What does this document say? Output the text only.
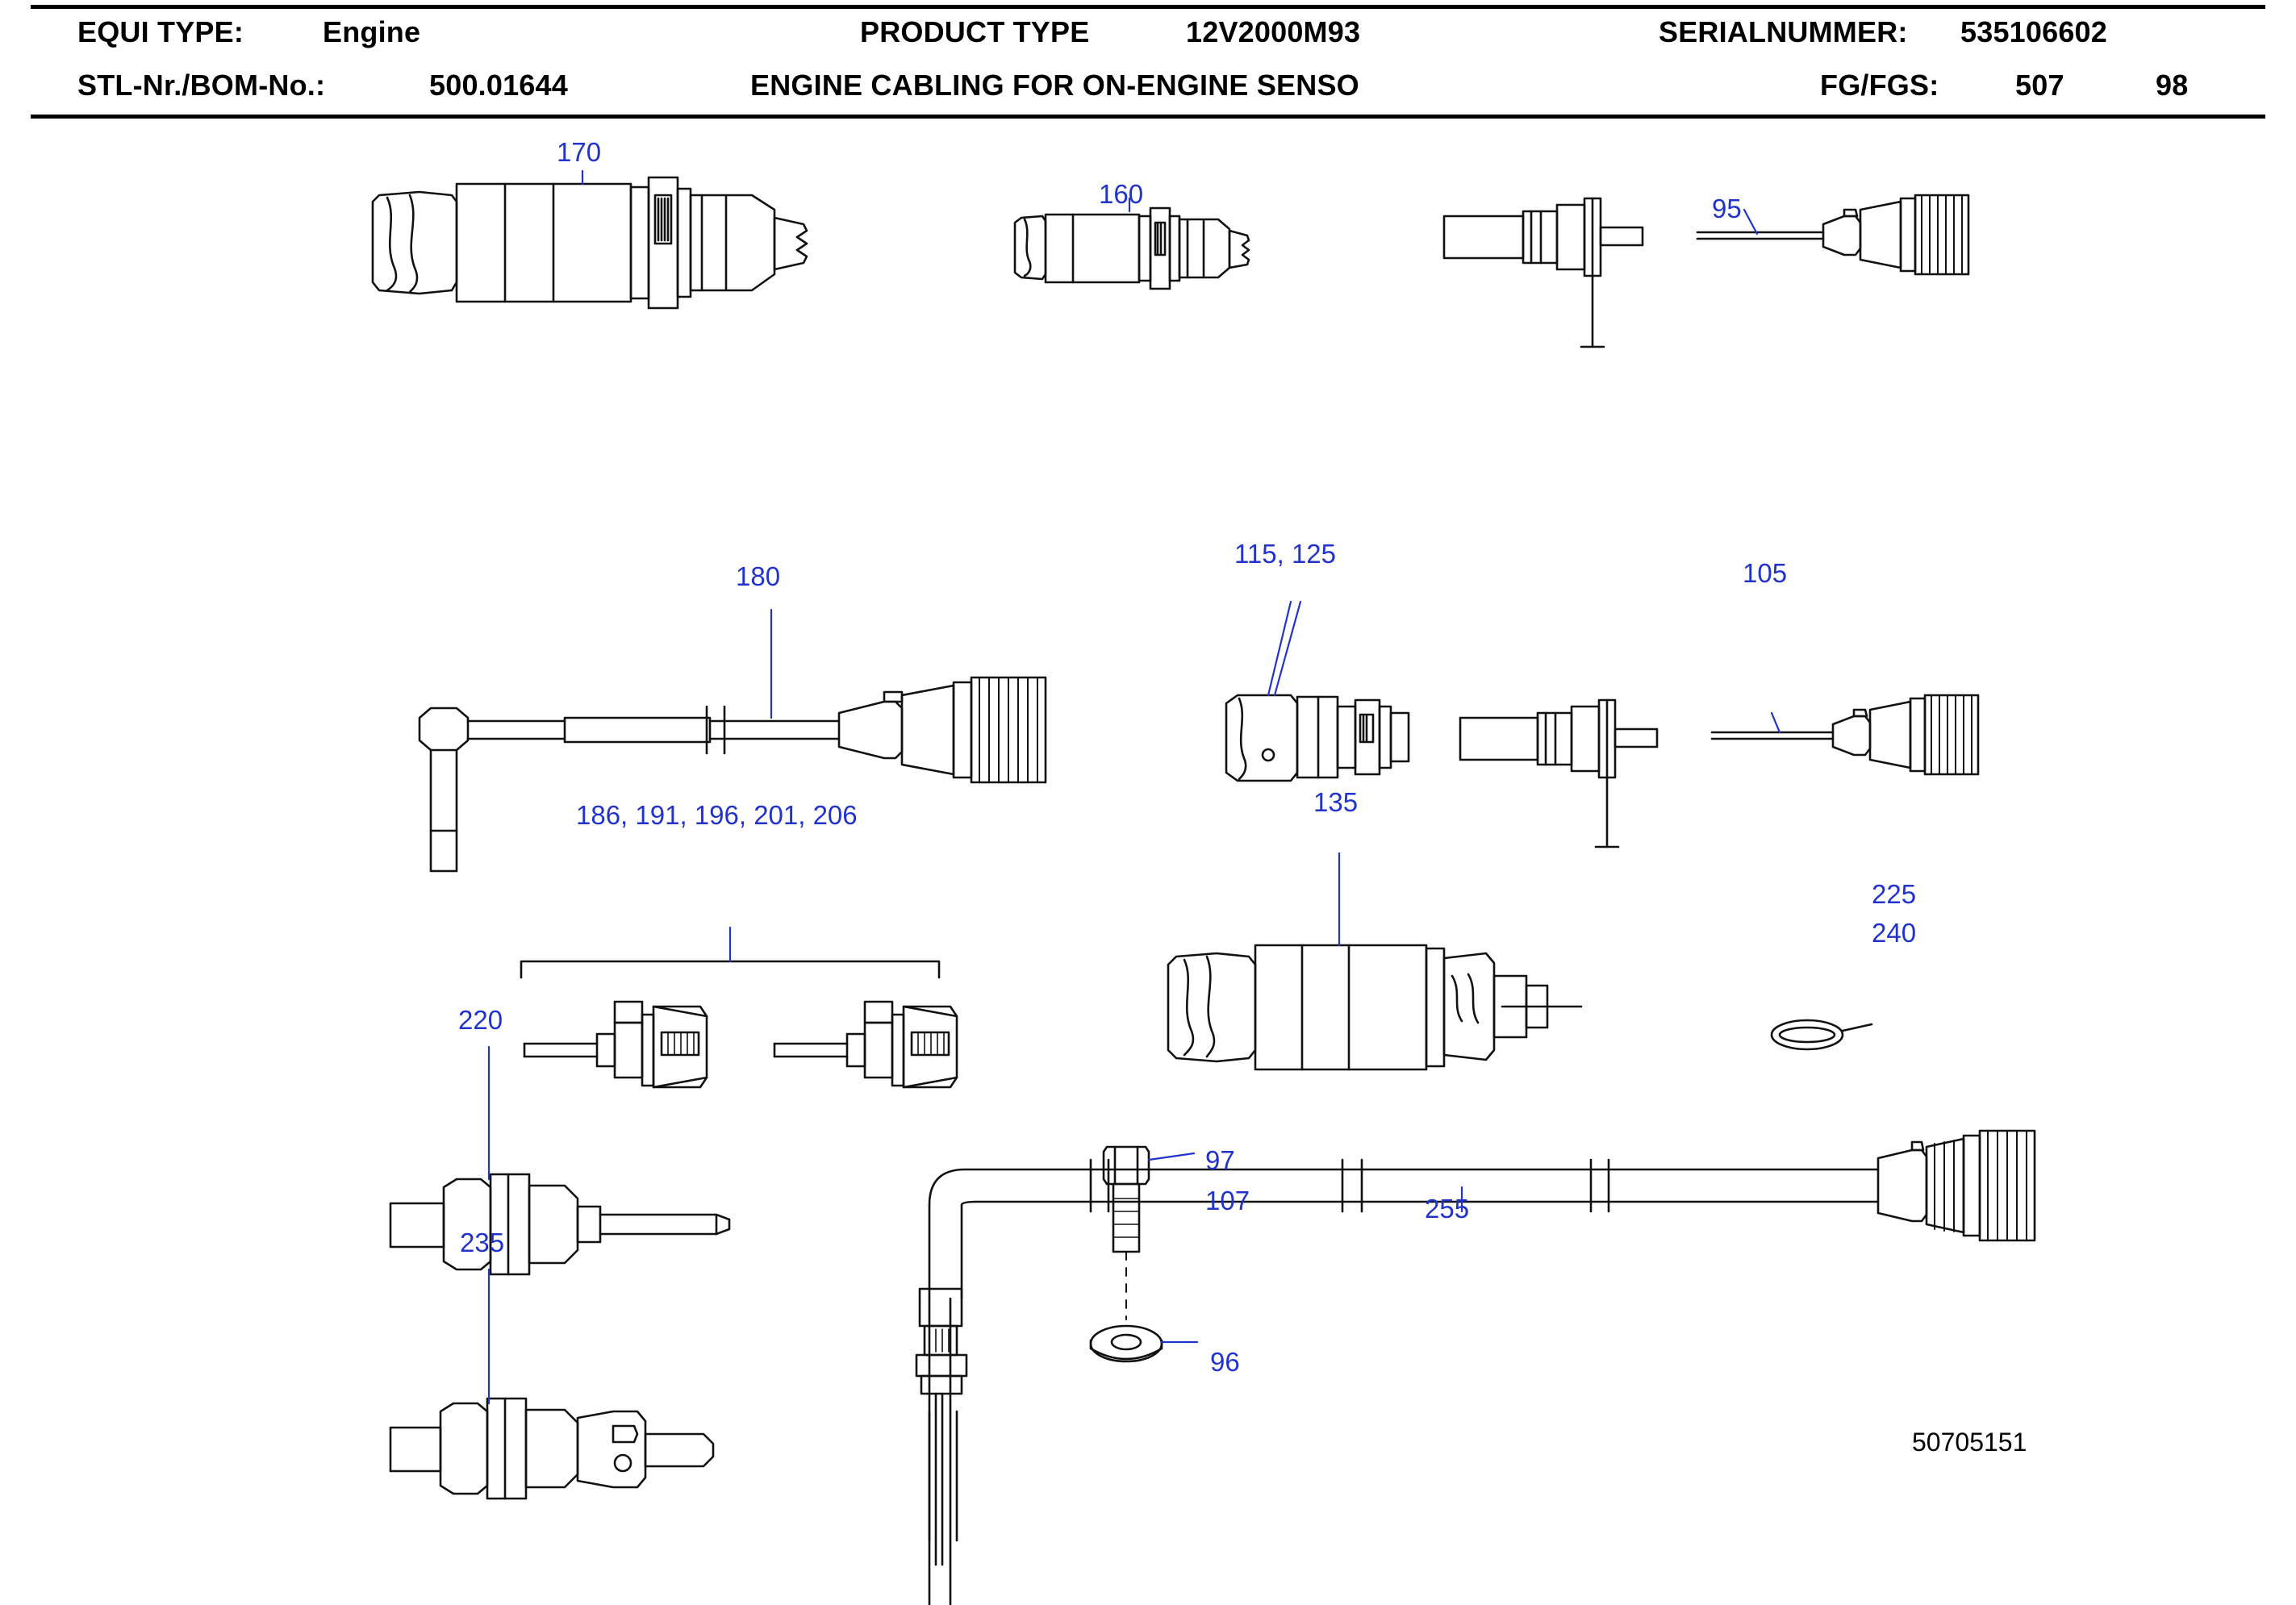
EQUI TYPE:	Engine	PRODUCT TYPE	12V2000M93	SERIALNUMMER: 535106602
STL-Nr./BOM-No.:	500.01644	ENGINE CABLING FOR ON-ENGINE SENSO	FG/FGS:	507	98
170
160	95
180
115, 125
105
186, 191, 196, 201, 206	135
225
240
220
255
97
107
235
96
50705151
